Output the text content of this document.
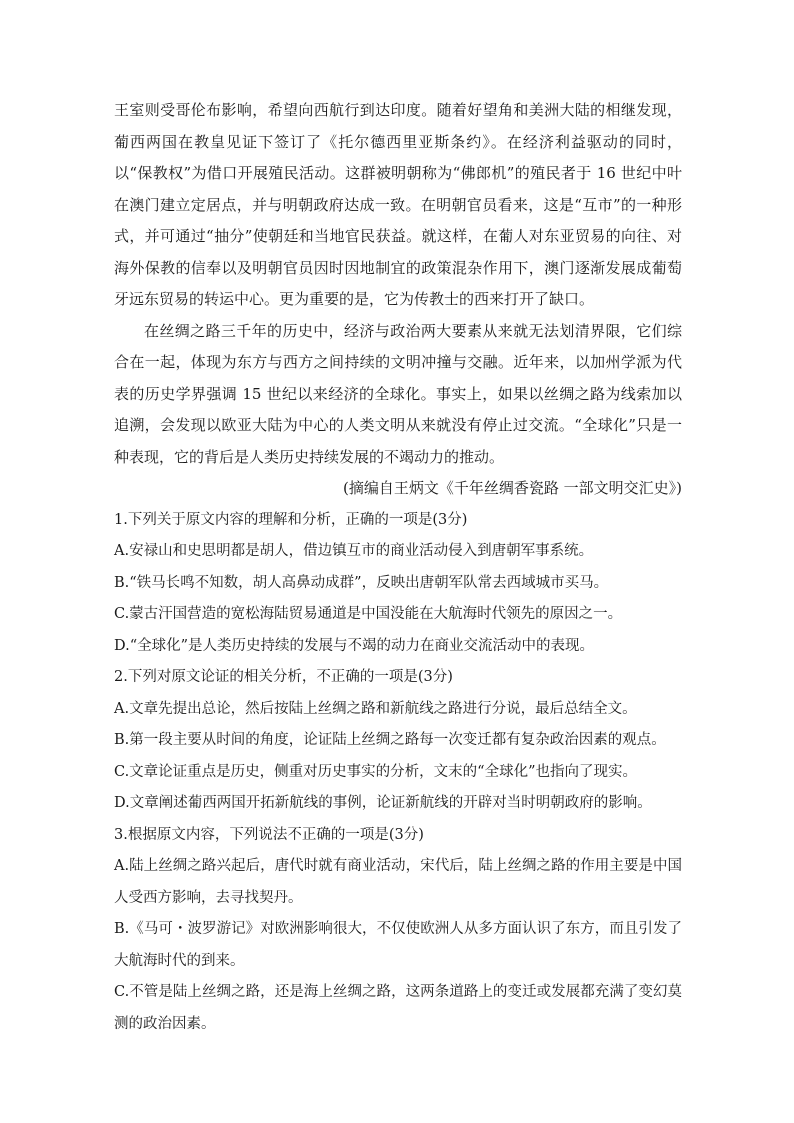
王室则受哥伦布影响，希望向西航行到达印度。随着好望角和美洲大陆的相继发现，葡西两国在教皇见证下签订了《托尔德西里亚斯条约》。在经济利益驱动的同时，以“保教权”为借口开展殖民活动。这群被明朝称为“佛郎机”的殖民者于 16 世纪中叶在澳门建立定居点，并与明朝政府达成一致。在明朝官员看来，这是“互市”的一种形式，并可通过“抽分”使朝廷和当地官民获益。就这样，在葡人对东亚贸易的向往、对海外保教的信奉以及明朝官员因时因地制宜的政策混杂作用下，澳门逐渐发展成葡萄牙远东贸易的转运中心。更为重要的是，它为传教士的西来打开了缺口。

在丝绸之路三千年的历史中，经济与政治两大要素从来就无法划清界限，它们综合在一起，体现为东方与西方之间持续的文明冲撞与交融。近年来，以加州学派为代表的历史学界强调 15 世纪以来经济的全球化。事实上，如果以丝绸之路为线索加以追溯，会发现以欧亚大陆为中心的人类文明从来就没有停止过交流。“全球化”只是一种表现，它的背后是人类历史持续发展的不竭动力的推动。

(摘编自王炳文《千年丝绸香瓷路 一部文明交汇史》)

1.下列关于原文内容的理解和分析，正确的一项是(3分)

A.安禄山和史思明都是胡人，借边镇互市的商业活动侵入到唐朝军事系统。

B.“铁马长鸣不知数，胡人高鼻动成群”，反映出唐朝军队常去西域城市买马。

C.蒙古汗国营造的宽松海陆贸易通道是中国没能在大航海时代领先的原因之一。

D.“全球化”是人类历史持续的发展与不竭的动力在商业交流活动中的表现。

2.下列对原文论证的相关分析，不正确的一项是(3分)

A.文章先提出总论，然后按陆上丝绸之路和新航线之路进行分说，最后总结全文。

B.第一段主要从时间的角度，论证陆上丝绸之路每一次变迁都有复杂政治因素的观点。

C.文章论证重点是历史，侧重对历史事实的分析，文末的“全球化”也指向了现实。

D.文章阐述葡西两国开拓新航线的事例，论证新航线的开辟对当时明朝政府的影响。

3.根据原文内容，下列说法不正确的一项是(3分)

A.陆上丝绸之路兴起后，唐代时就有商业活动，宋代后，陆上丝绸之路的作用主要是中国人受西方影响，去寻找契丹。

B.《马可・波罗游记》对欧洲影响很大，不仅使欧洲人从多方面认识了东方，而且引发了大航海时代的到来。

C.不管是陆上丝绸之路，还是海上丝绸之路，这两条道路上的变迁或发展都充满了变幻莫测的政治因素。
